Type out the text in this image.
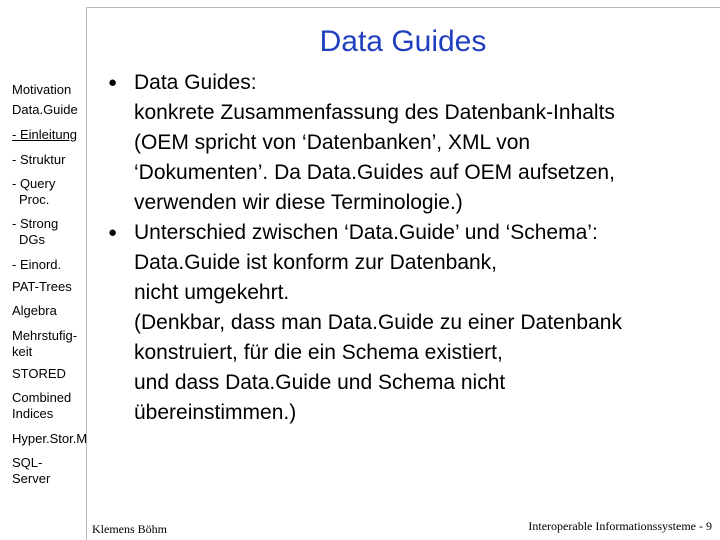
Data Guides
Motivation
Data.Guide
- Einleitung
- Struktur
- Query
Proc.
- Strong
DGs
- Einord.
PAT-Trees
Algebra
Mehrstufig-
keit
STORED
Combined
Indices
Hyper.Stor.M
SQL-
Server
● Data Guides:
konkrete Zusammenfassung des Datenbank-Inhalts
(OEM spricht von ‘Datenbanken’, XML von
‘Dokumenten’. Da Data.Guides auf OEM aufsetzen,
verwenden wir diese Terminologie.)
● Unterschied zwischen ‘Data.Guide’ und ‘Schema’:
Data.Guide ist konform zur Datenbank,
nicht umgekehrt.
(Denkbar, dass man Data.Guide zu einer Datenbank
konstruiert, für die ein Schema existiert,
und dass Data.Guide und Schema nicht
übereinstimmen.)
Klemens Böhm	Interoperable Informationssysteme - 9
